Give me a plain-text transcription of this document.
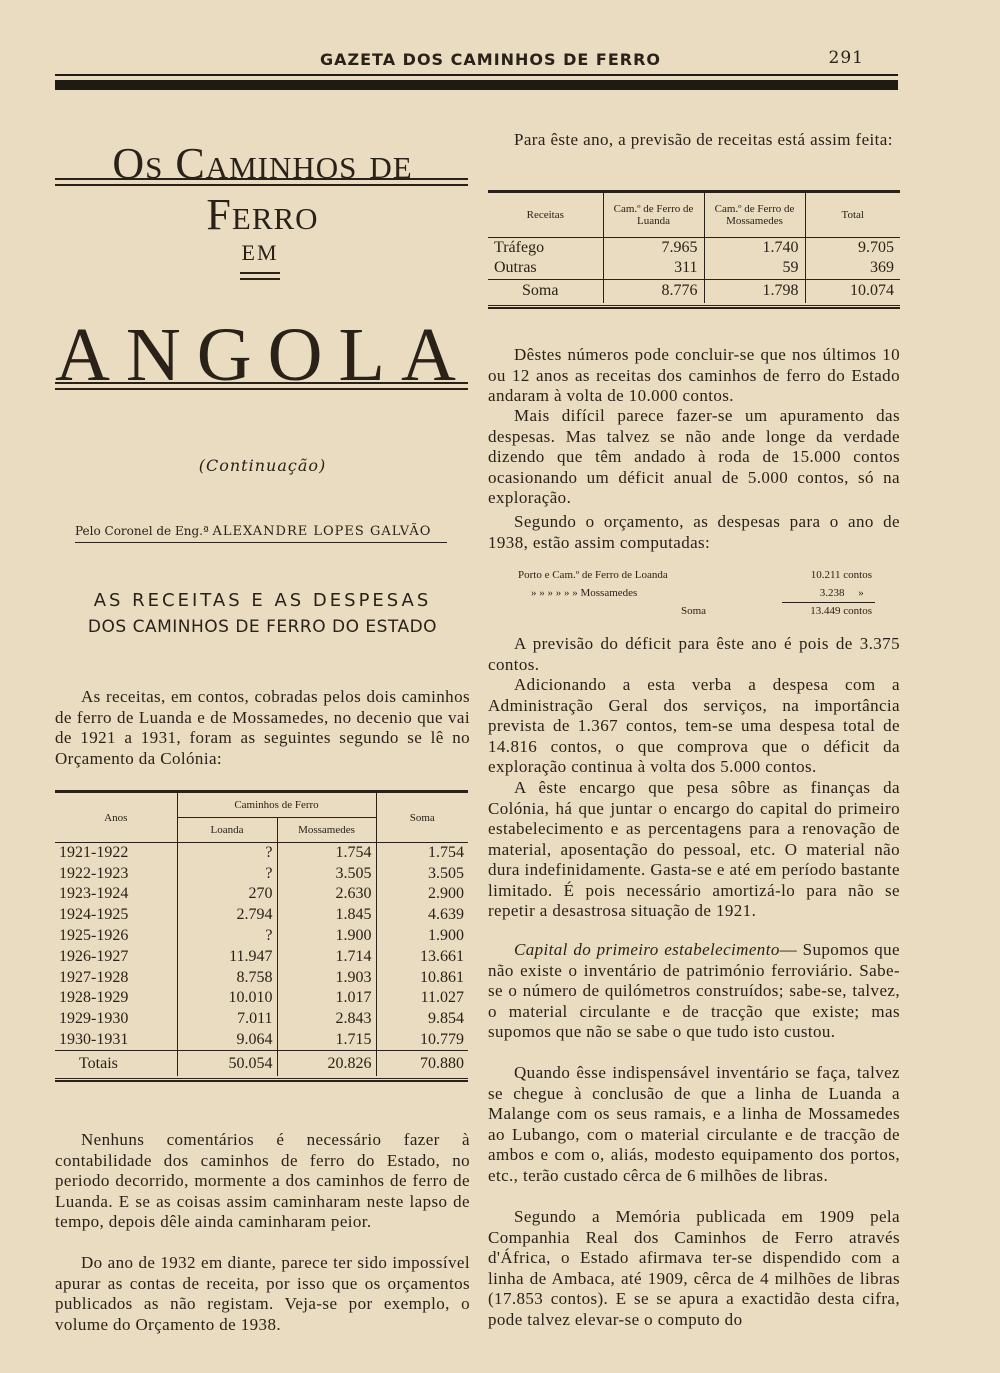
GAZETA DOS CAMINHOS DE FERRO	291
Os Caminhos de Ferro
EM
ANGOLA
(Continuação)
Pelo Coronel de Eng.ª ALEXANDRE LOPES GALVÃO
AS RECEITAS E AS DESPESAS
DOS CAMINHOS DE FERRO DO ESTADO
As receitas, em contos, cobradas pelos dois caminhos de ferro de Luanda e de Mossamedes, no decenio que vai de 1921 a 1931, foram as seguintes segundo se lê no Orçamento da Colónia:
Anos	Caminhos de Ferro		Soma
	Loanda	Mossamedes	
1921-1922	?	1.754	1.754
1922-1923	?	3.505	3.505
1923-1924	270	2.630	2.900
1924-1925	2.794	1.845	4.639
1925-1926	?	1.900	1.900
1926-1927	11.947	1.714	13.661
1927-1928	8.758	1.903	10.861
1928-1929	10.010	1.017	11.027
1929-1930	7.011	2.843	9.854
1930-1931	9.064	1.715	10.779
Totais	50.054	20.826	70.880
Nenhuns comentários é necessário fazer à contabilidade dos caminhos de ferro do Estado, no periodo decorrido, mormente a dos caminhos de ferro de Luanda. E se as coisas assim caminharam neste lapso de tempo, depois dêle ainda caminharam peior.
Do ano de 1932 em diante, parece ter sido impossível apurar as contas de receita, por isso que os orçamentos publicados as não registam. Veja-se por exemplo, o volume do Orçamento de 1938.
Para êste ano, a previsão de receitas está assim feita:
Receitas	Cam.º de Ferro de Luanda	Cam.º de Ferro de Mossamedes	Total
Tráfego	7.965	1.740	9.705
Outras	311	59	369
Soma	8.776	1.798	10.074
Dêstes números pode concluir-se que nos últimos 10 ou 12 anos as receitas dos caminhos de ferro do Estado andaram à volta de 10.000 contos.
Mais difícil parece fazer-se um apuramento das despesas. Mas talvez se não ande longe da verdade dizendo que têm andado à roda de 15.000 contos ocasionando um déficit anual de 5.000 contos, só na exploração.
Segundo o orçamento, as despesas para o ano de 1938, estão assim computadas:
Porto e Cam.º de Ferro de Loanda	10.211 contos
» » » » » » Mossamedes	3.238 »
Soma	13.449 contos
A previsão do déficit para êste ano é pois de 3.375 contos.
Adicionando a esta verba a despesa com a Administração Geral dos serviços, na importância prevista de 1.367 contos, tem-se uma despesa total de 14.816 contos, o que comprova que o déficit da exploração continua à volta dos 5.000 contos.
A êste encargo que pesa sôbre as finanças da Colónia, há que juntar o encargo do capital do primeiro estabelecimento e as percentagens para a renovação de material, aposentação do pessoal, etc. O material não dura indefinidamente. Gasta-se e até em período bastante limitado. É pois necessário amortizá-lo para não se repetir a desastrosa situação de 1921.
Capital do primeiro estabelecimento— Supomos que não existe o inventário de património ferroviário. Sabe-se o número de quilómetros construídos; sabe-se, talvez, o material circulante e de tracção que existe; mas supomos que não se sabe o que tudo isto custou.
Quando êsse indispensável inventário se faça, talvez se chegue à conclusão de que a linha de Luanda a Malange com os seus ramais, e a linha de Mossamedes ao Lubango, com o material circulante e de tracção de ambos e com o, aliás, modesto equipamento dos portos, etc., terão custado cêrca de 6 milhões de libras.
Segundo a Memória publicada em 1909 pela Companhia Real dos Caminhos de Ferro através d'África, o Estado afirmava ter-se dispendido com a linha de Ambaca, até 1909, cêrca de 4 milhões de libras (17.853 contos). E se se apura a exactidão desta cifra, pode talvez elevar-se o computo do
